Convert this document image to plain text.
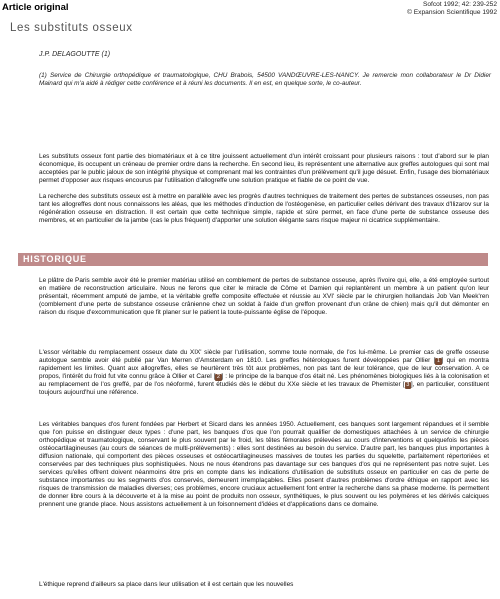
Article original	Sofcot 1992; 42: 239-252
© Expansion Scientifique 1992
Les substituts osseux
J.P. DELAGOUTTE (1)
(1) Service de Chirurgie orthopédique et traumatologique, CHU Brabois, 54500 VANDŒUVRE-LES-NANCY. Je remercie mon collaborateur le Dr Didier Mainard qui m'a aidé à rédiger cette conférence et à réuni les documents. Il en est, en quelque sorte, le co-auteur.

Les substituts osseux font partie des biomatériaux et à ce titre jouissent actuellement d'un intérêt croissant pour plusieurs raisons : tout d'abord sur le plan économique, ils occupent un créneau de premier ordre dans la recherche. En second lieu, ils représentent une alternative aux greffes autologues qui sont mal acceptées par le public jaloux de son intégrité physique et comprenant mal les contraintes d'un prélèvement qu'il juge désuet. Enfin, l'usage des biomatériaux permet d'opposer aux risques encourus par l'utilisation d'allogreffe une solution pratique et fiable de ce point de vue.

La recherche des substituts osseux est à mettre en parallèle avec les progrès d'autres techniques de traitement des pertes de substances osseuses, non pas tant les allogreffes dont nous connaissons les aléas, que les méthodes d'induction de l'ostéogenèse, en particulier celles dérivant des travaux d'Ilizarov sur la régénération osseuse en distraction. Il est certain que cette technique simple, rapide et sûre permet, en face d'une perte de substance osseuse des membres, et en particulier de la jambe (cas le plus fréquent) d'apporter une solution élégante sans risque majeur ni cicatrice supplémentaire.

HISTORIQUE

Le plâtre de Paris semble avoir été le premier matériau utilisé en comblement de pertes de substance osseuse, après l'ivoire qui, elle, a été employée surtout en matière de reconstruction articulaire. Nous ne ferons que citer le miracle de Côme et Damien qui replantèrent un membre à un patient qu'on leur présentait, récemment amputé de jambe, et la véritable greffe composite effectuée et réussie au XVI' siècle par le chirurgien hollandais Job Van Meek'ren (comblement d'une perte de substance osseuse crânienne chez un soldat à l'aide d'un greffon provenant d'un crâne de chien) mais qu'il dut démonter en raison du risque d'excommunication que fit planer sur le patient la toute-puissante église de l'époque.

L'essor véritable du remplacement osseux date du XIX' siècle par l'utilisation, somme toute normale, de l'os lui-même. Le premier cas de greffe osseuse autologue semble avoir été publié par Van Merren d'Amsterdam en 1810. Les greffes hétérologues furent développées par Ollier [ 1 ] qui en montra rapidement les limites. Quant aux allogreffes, elles se heurtèrent très tôt aux problèmes, non pas tant de leur tolérance, que de leur conservation. A ce propos, l'intérêt du froid fut vite connu grâce à Ollier et Carel [ 2 ] : le principe de la banque d'os était né. Les phénomènes biologiques liés à la colonisation et au remplacement de l'os greffé, par de l'os néoformé, furent étudiés dès le début du XXe siècle et les travaux de Phemister [ 3 ], en particulier, constituent toujours aujourd'hui une référence.

Les véritables banques d'os furent fondées par Herbert et Sicard dans les années 1950. Actuellement, ces banques sont largement répandues et il semble que l'on puisse en distinguer deux types : d'une part, les banques d'os que l'on pourrait qualifier de domestiques attachées à un service de chirurgie orthopédique et traumatologique, conservant le plus souvent par le froid, les têtes fémorales prélevées au cours d'interventions et quelquefois les pièces ostéocartilagineuses (au cours de séances de multi-prélèvements) : elles sont destinées au besoin du service. D'autre part, les banques plus importantes à diffusion nationale, qui comportent des pièces osseuses et ostéocartilagineuses massives de toutes les parties du squelette, parfaitement répertoriées et conservées par des techniques plus sophistiquées. Nous ne nous étendrons pas davantage sur ces banques d'os qui ne représentent pas notre sujet. Les services qu'elles offrent doivent néanmoins être pris en compte dans les indications d'utilisation de substituts osseux en particulier en cas de perte de substance importantes ou les segments d'os conservés, demeurent irremplaçables. Elles posent d'autres problèmes d'ordre éthique en rapport avec les risques de transmission de maladies diverses; ces problèmes, encore cruciaux actuellement font entrer la recherche dans sa phase moderne. Ils permettent de donner libre cours à la découverte et à la mise au point de produits non osseux, synthétiques, le plus souvent ou les polymères et les dérivés calciques prennent une grande place. Nous assistons actuellement à un foisonnement d'idées et d'applications dans ce domaine.

L'éthique reprend d'ailleurs sa place dans leur utilisation et il est certain que les nouvelles
